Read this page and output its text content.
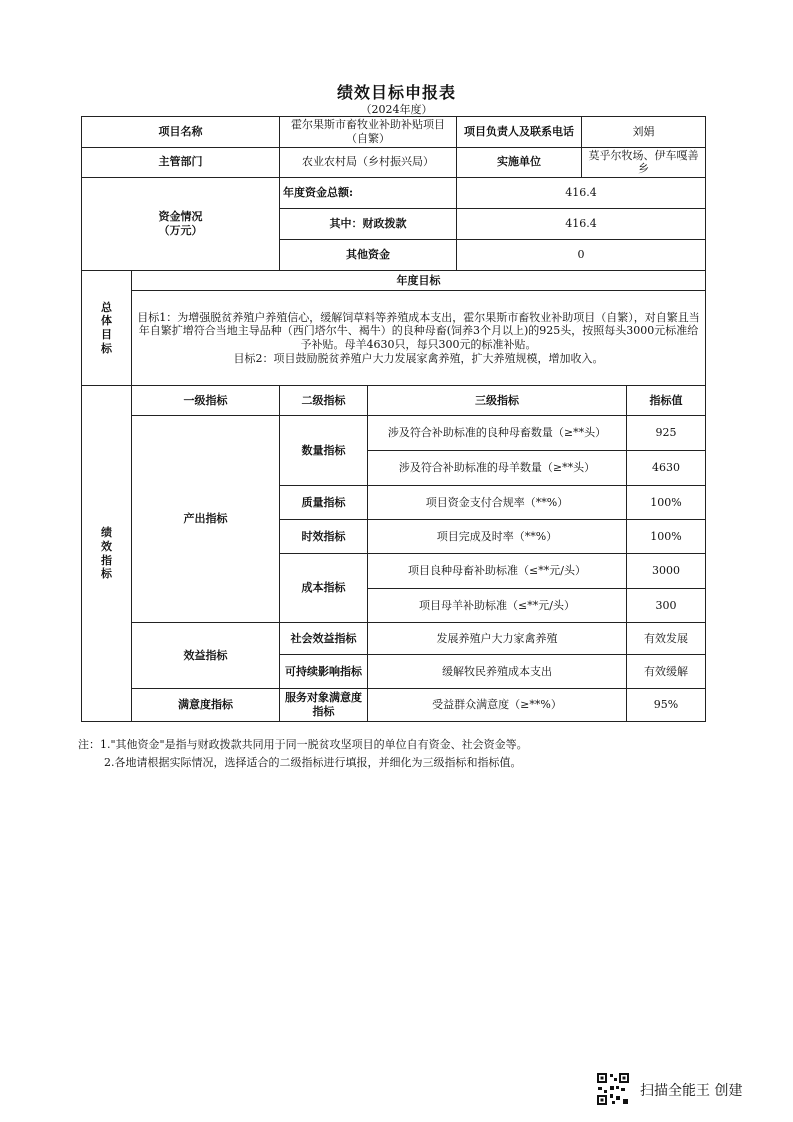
绩效目标申报表
（2024年度）
项目名称		霍尔果斯市畜牧业补助补贴项目（自繁）		项目负责人及联系电话	刘娟	
主管部门		农业农村局（乡村振兴局）		实施单位	莫乎尔牧场、伊车嘎善乡	
资金情况
（万元）		年度资金总额:		416.4		
		其中：财政拨款		416.4		
		其他资金		0		
总
体
目
标	年度目标					

	目标1：为增强脱贫养殖户养殖信心，缓解饲草料等养殖成本支出，霍尔果斯市畜牧业补助项目（自繁），对自繁且当年自繁扩增符合当地主导品种（西门塔尔牛、褐牛）的良种母畜(饲养3个月以上)的925头，按照每头3000元标准给予补贴。母羊4630只，每只300元的标准补贴。
目标2：项目鼓励脱贫养殖户大力发展家禽养殖，扩大养殖规模，增加收入。					

绩
效
指
标	一级指标	二级指标	三级指标			指标值
	产出指标	数量指标	涉及符合补助标准的良种母畜数量（≥**头）			925
			涉及符合补助标准的母羊数量（≥**头）			4630
		质量指标	项目资金支付合规率（**%）			100%
		时效指标	项目完成及时率（**%）			100%
		成本指标	项目良种母畜补助标准（≤**元/头）			3000
			项目母羊补助标准（≤**元/头）			300
	效益指标	社会效益指标	发展养殖户大力家禽养殖			有效发展
		可持续影响指标	缓解牧民养殖成本支出			有效缓解
	满意度指标	服务对象满意度指标	受益群众满意度（≥**%）			95%
注：1."其他资金"是指与财政拨款共同用于同一脱贫攻坚项目的单位自有资金、社会资金等。
2.各地请根据实际情况，选择适合的二级指标进行填报，并细化为三级指标和指标值。
扫描全能王 创建
